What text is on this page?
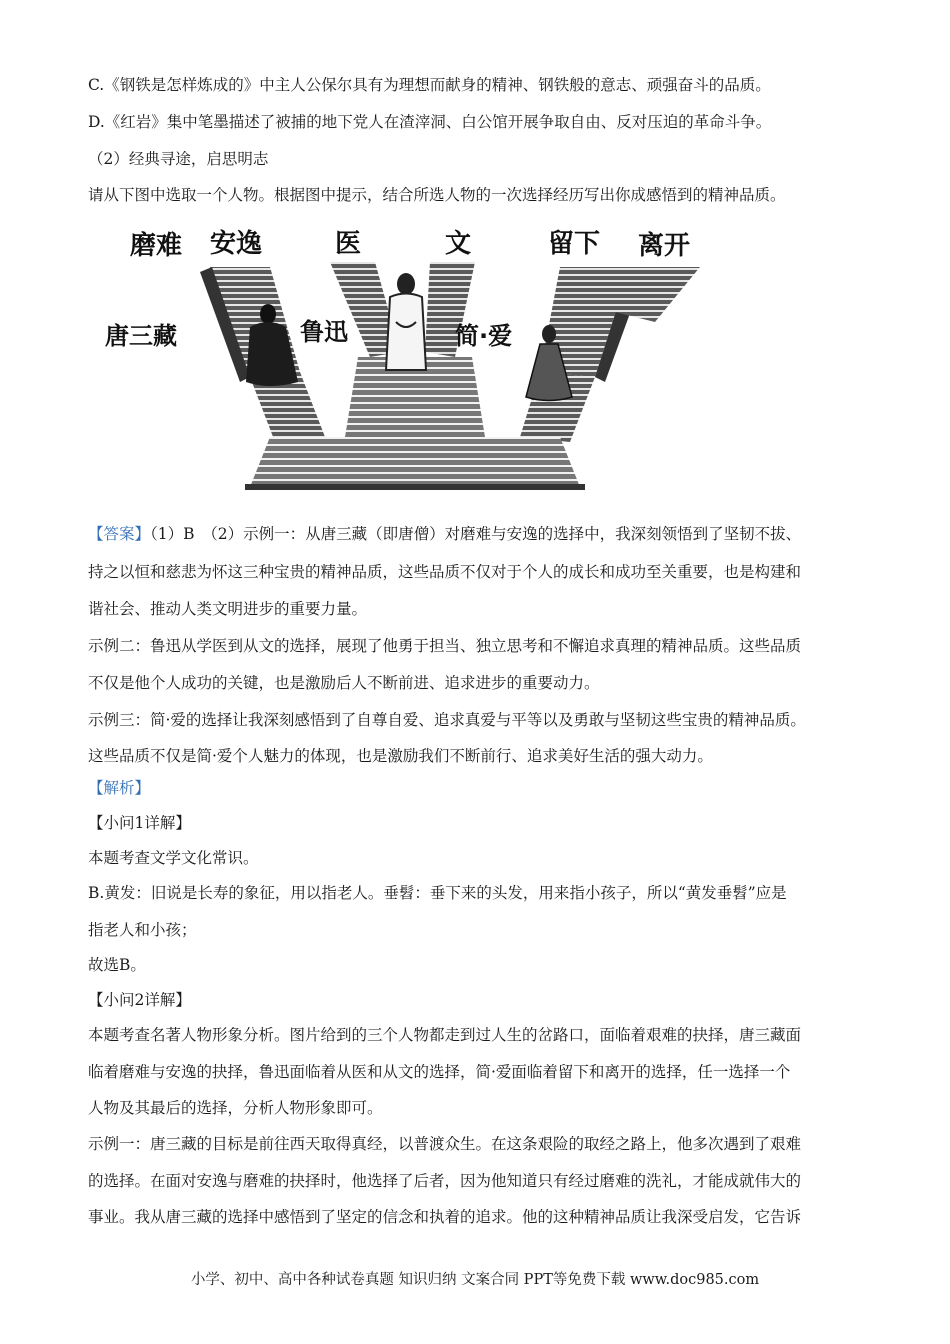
C.《钢铁是怎样炼成的》中主人公保尔具有为理想而献身的精神、钢铁般的意志、顽强奋斗的品质。
D.《红岩》集中笔墨描述了被捕的地下党人在渣滓洞、白公馆开展争取自由、反对压迫的革命斗争。
（2）经典寻途，启思明志
请从下图中选取一个人物。根据图中提示，结合所选人物的一次选择经历写出你成感悟到的精神品质。
磨难 安逸	医	文	留下 离开
唐三藏	鲁迅	简·爱
【答案】（1）B　（2）示例一：从唐三藏（即唐僧）对磨难与安逸的选择中，我深刻领悟到了坚韧不拔、
持之以恒和慈悲为怀这三种宝贵的精神品质，这些品质不仅对于个人的成长和成功至关重要，也是构建和
谐社会、推动人类文明进步的重要力量。
示例二：鲁迅从学医到从文的选择，展现了他勇于担当、独立思考和不懈追求真理的精神品质。这些品质
不仅是他个人成功的关键，也是激励后人不断前进、追求进步的重要动力。
示例三：简·爱的选择让我深刻感悟到了自尊自爱、追求真爱与平等以及勇敢与坚韧这些宝贵的精神品质。
这些品质不仅是简·爱个人魅力的体现，也是激励我们不断前行、追求美好生活的强大动力。
【解析】
【小问1详解】
本题考查文学文化常识。
B.黄发：旧说是长寿的象征，用以指老人。垂髫：垂下来的头发，用来指小孩子，所以“黄发垂髫”应是
指老人和小孩；
故选B。
【小问2详解】
本题考查名著人物形象分析。图片给到的三个人物都走到过人生的岔路口，面临着艰难的抉择，唐三藏面
临着磨难与安逸的抉择，鲁迅面临着从医和从文的选择，简·爱面临着留下和离开的选择，任一选择一个
人物及其最后的选择，分析人物形象即可。
示例一：唐三藏的目标是前往西天取得真经，以普渡众生。在这条艰险的取经之路上，他多次遇到了艰难
的选择。在面对安逸与磨难的抉择时，他选择了后者，因为他知道只有经过磨难的洗礼，才能成就伟大的
事业。我从唐三藏的选择中感悟到了坚定的信念和执着的追求。他的这种精神品质让我深受启发，它告诉
小学、初中、高中各种试卷真题 知识归纳 文案合同 PPT等免费下载 www.doc985.com
